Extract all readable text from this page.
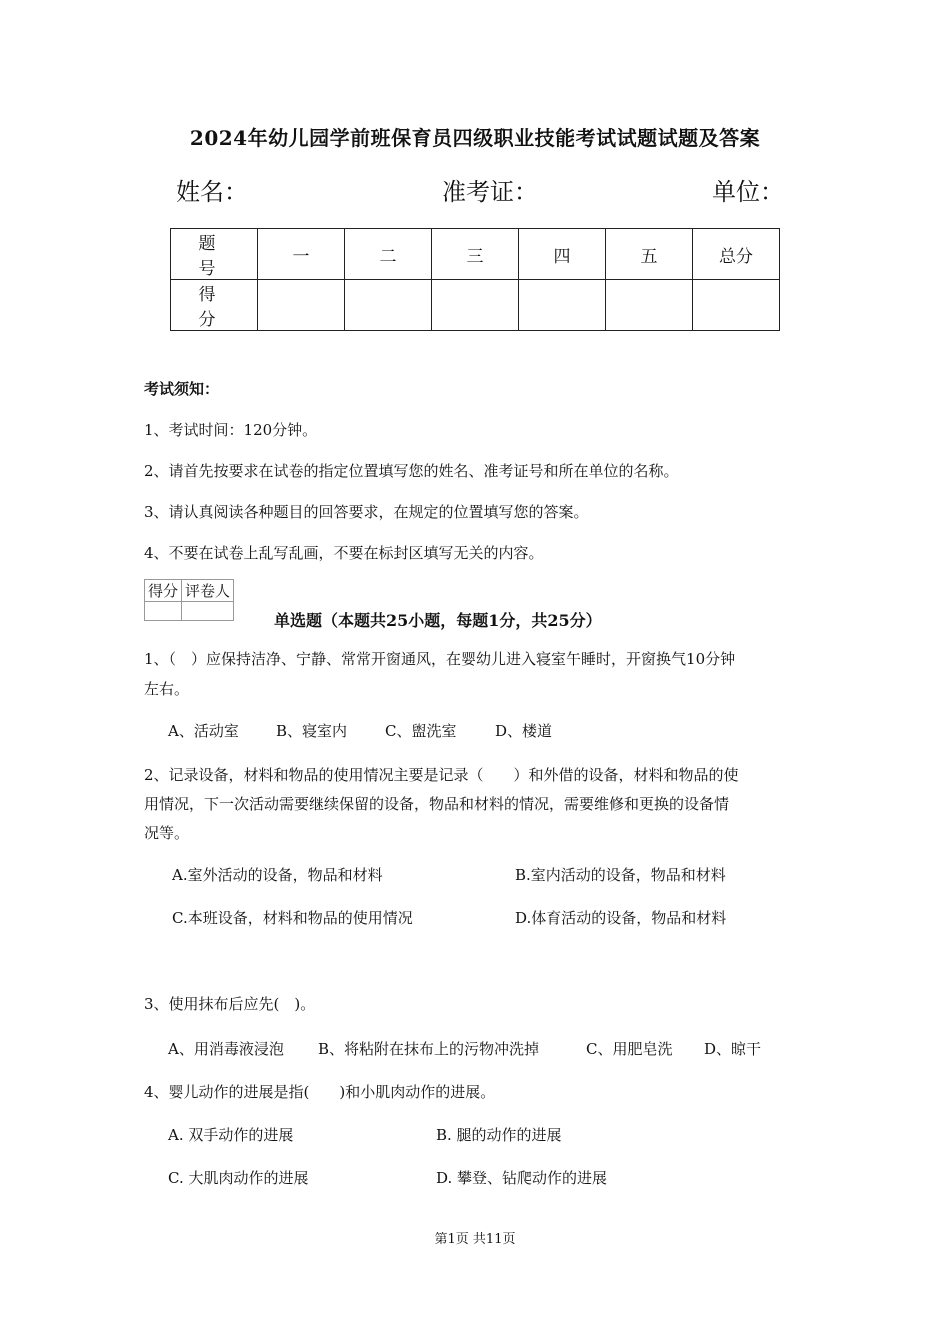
2024年幼儿园学前班保育员四级职业技能考试试题试题及答案
姓名：	准考证：	单位：
题　号	一	二	三	四	五	总分
得　分						
考试须知：
1、考试时间：120分钟。
2、请首先按要求在试卷的指定位置填写您的姓名、准考证号和所在单位的名称。
3、请认真阅读各种题目的回答要求，在规定的位置填写您的答案。
4、不要在试卷上乱写乱画，不要在标封区填写无关的内容。
得分	评卷人

单选题（本题共25小题，每题1分，共25分）
1、（　）应保持洁净、宁静、常常开窗通风，在婴幼儿进入寝室午睡时，开窗换气10分钟
左右。
A、活动室 B、寝室内	C、盥洗室	D、楼道
2、记录设备，材料和物品的使用情况主要是记录（　　）和外借的设备，材料和物品的使
用情况，下一次活动需要继续保留的设备，物品和材料的情况，需要维修和更换的设备情
况等。
A.室外活动的设备，物品和材料	B.室内活动的设备，物品和材料
C.本班设备，材料和物品的使用情况	D.体育活动的设备，物品和材料
3、使用抹布后应先(　)。
A、用消毒液浸泡 B、将粘附在抹布上的污物冲洗掉	C、用肥皂洗 D、晾干
4、婴儿动作的进展是指(　　)和小肌肉动作的进展。
A. 双手动作的进展	B. 腿的动作的进展
C. 大肌肉动作的进展	D. 攀登、钻爬动作的进展
第1页 共11页
